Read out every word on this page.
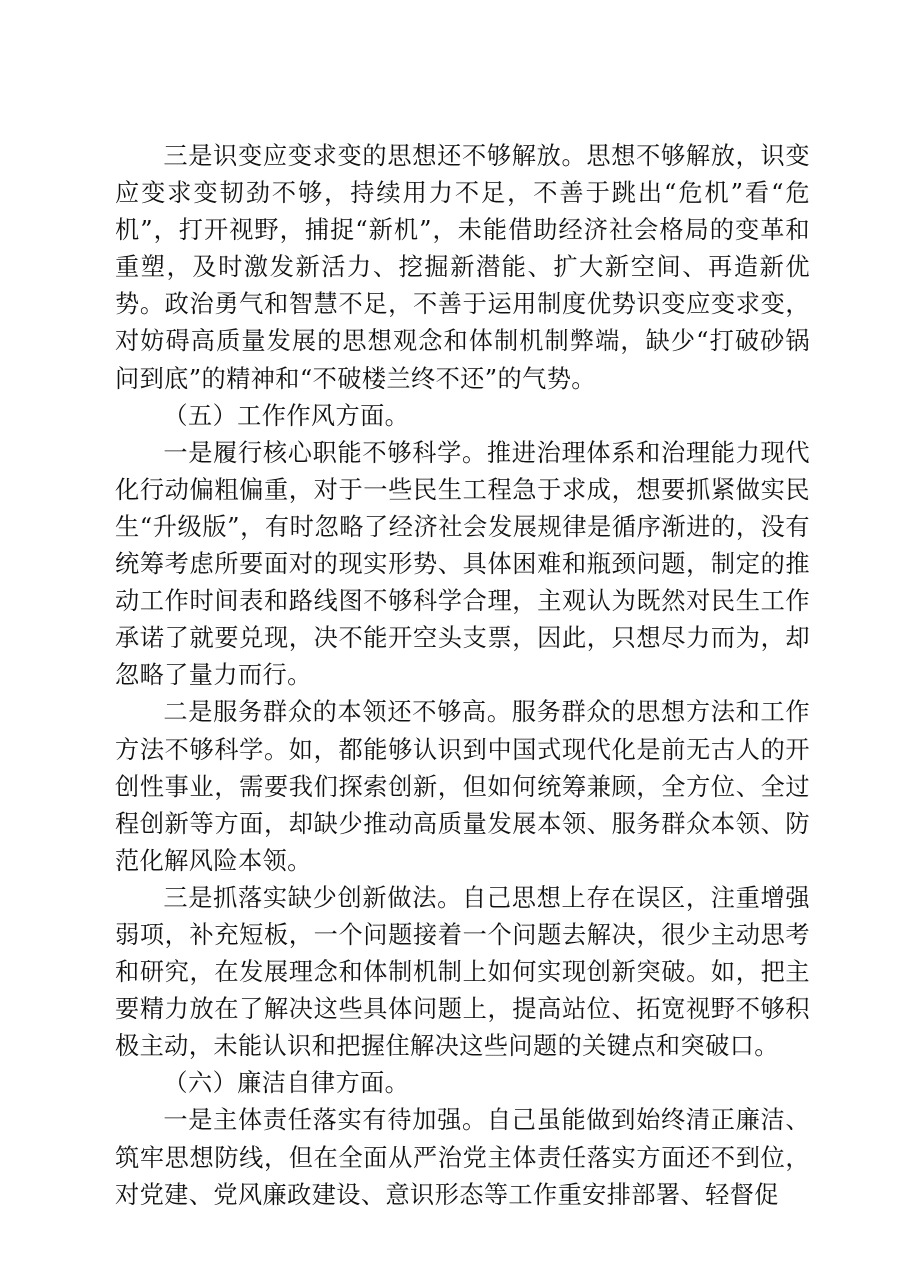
三是识变应变求变的思想还不够解放。思想不够解放，识变应变求变韧劲不够，持续用力不足，不善于跳出“危机”看“危机”，打开视野，捕捉“新机”，未能借助经济社会格局的变革和重塑，及时激发新活力、挖掘新潜能、扩大新空间、再造新优势。政治勇气和智慧不足，不善于运用制度优势识变应变求变，对妨碍高质量发展的思想观念和体制机制弊端，缺少“打破砂锅问到底”的精神和“不破楼兰终不还”的气势。

（五）工作作风方面。

一是履行核心职能不够科学。推进治理体系和治理能力现代化行动偏粗偏重，对于一些民生工程急于求成，想要抓紧做实民生“升级版”，有时忽略了经济社会发展规律是循序渐进的，没有统筹考虑所要面对的现实形势、具体困难和瓶颈问题，制定的推动工作时间表和路线图不够科学合理，主观认为既然对民生工作承诺了就要兑现，决不能开空头支票，因此，只想尽力而为，却忽略了量力而行。

二是服务群众的本领还不够高。服务群众的思想方法和工作方法不够科学。如，都能够认识到中国式现代化是前无古人的开创性事业，需要我们探索创新，但如何统筹兼顾，全方位、全过程创新等方面，却缺少推动高质量发展本领、服务群众本领、防范化解风险本领。

三是抓落实缺少创新做法。自己思想上存在误区，注重增强弱项，补充短板，一个问题接着一个问题去解决，很少主动思考和研究，在发展理念和体制机制上如何实现创新突破。如，把主要精力放在了解决这些具体问题上，提高站位、拓宽视野不够积极主动，未能认识和把握住解决这些问题的关键点和突破口。

（六）廉洁自律方面。

一是主体责任落实有待加强。自己虽能做到始终清正廉洁、筑牢思想防线，但在全面从严治党主体责任落实方面还不到位，对党建、党风廉政建设、意识形态等工作重安排部署、轻督促
